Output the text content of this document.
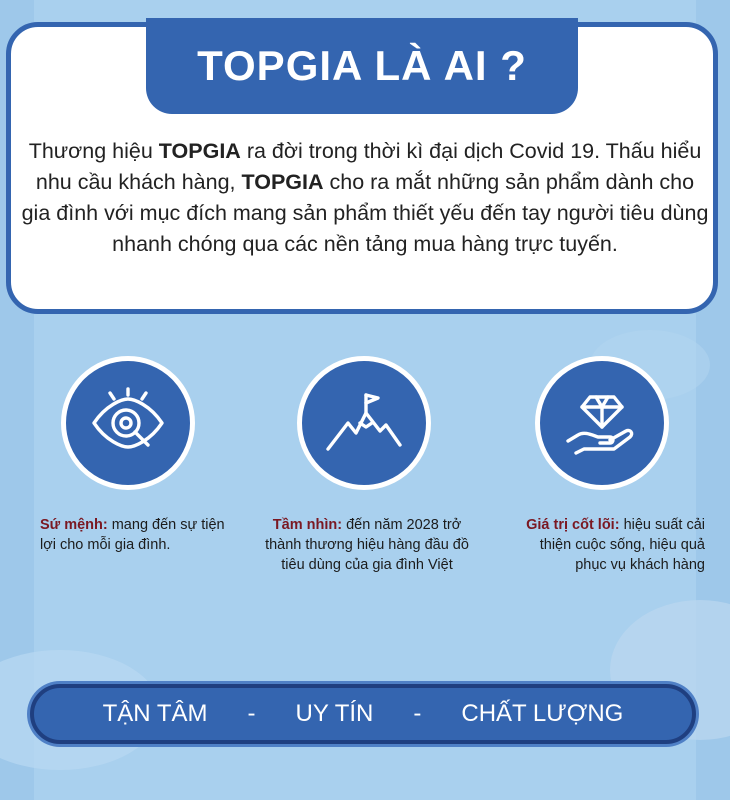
TOPGIA LÀ AI ?

Thương hiệu TOPGIA ra đời trong thời kì đại dịch Covid 19. Thấu hiểu nhu cầu khách hàng, TOPGIA cho ra mắt những sản phẩm dành cho gia đình với mục đích mang sản phẩm thiết yếu đến tay người tiêu dùng nhanh chóng qua các nền tảng mua hàng trực tuyến.

Sứ mệnh: mang đến sự tiện lợi cho mỗi gia đình.
Tầm nhìn: đến năm 2028 trở thành thương hiệu hàng đầu đồ tiêu dùng của gia đình Việt
Giá trị cốt lõi: hiệu suất cải thiện cuộc sống, hiệu quả phục vụ khách hàng
TẬN TÂM - UY TÍN - CHẤT LƯỢNG
